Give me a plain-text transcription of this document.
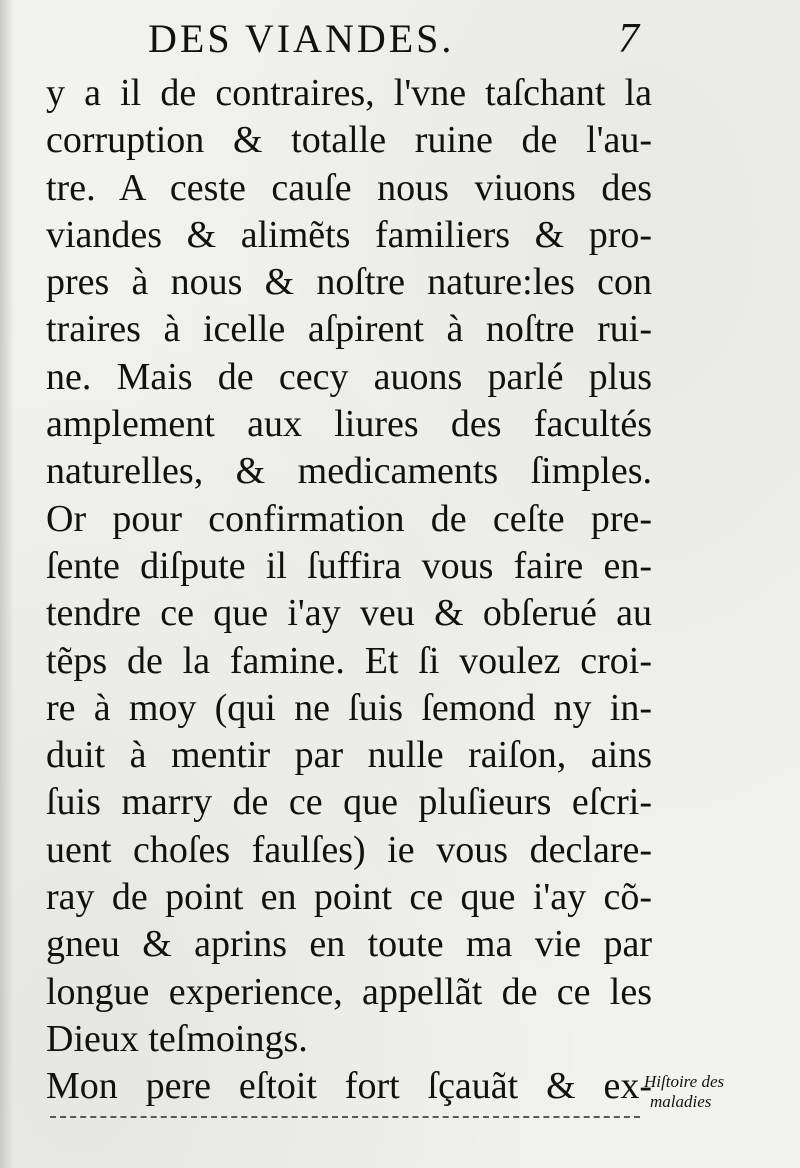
DES VIANDES.	7
y a il de contraires, l'vne taſchant la
corruption & totalle ruine de l'au-
tre. A ceste cauſe nous viuons des
viandes & alimẽts familiers & pro-
pres à nous & noſtre nature:les con
traires à icelle aſpirent à noſtre rui-
ne. Mais de cecy auons parlé plus
amplement aux liures des facultés
naturelles, & medicaments ſimples.
Or pour confirmation de ceſte pre-
ſente diſpute il ſuffira vous faire en-
tendre ce que i'ay veu & obſerué au
tẽps de la famine. Et ſi voulez croi-
re à moy (qui ne ſuis ſemond ny in-
duit à mentir par nulle raiſon, ains
ſuis marry de ce que pluſieurs eſcri-
uent choſes faulſes) ie vous declare-
ray de point en point ce que i'ay cõ-
gneu & aprins en toute ma vie par
longue experience, appellãt de ce les
Dieux teſmoings.
Mon pere eſtoit fort ſçauãt & ex-
Hiſtoire des
maladies
